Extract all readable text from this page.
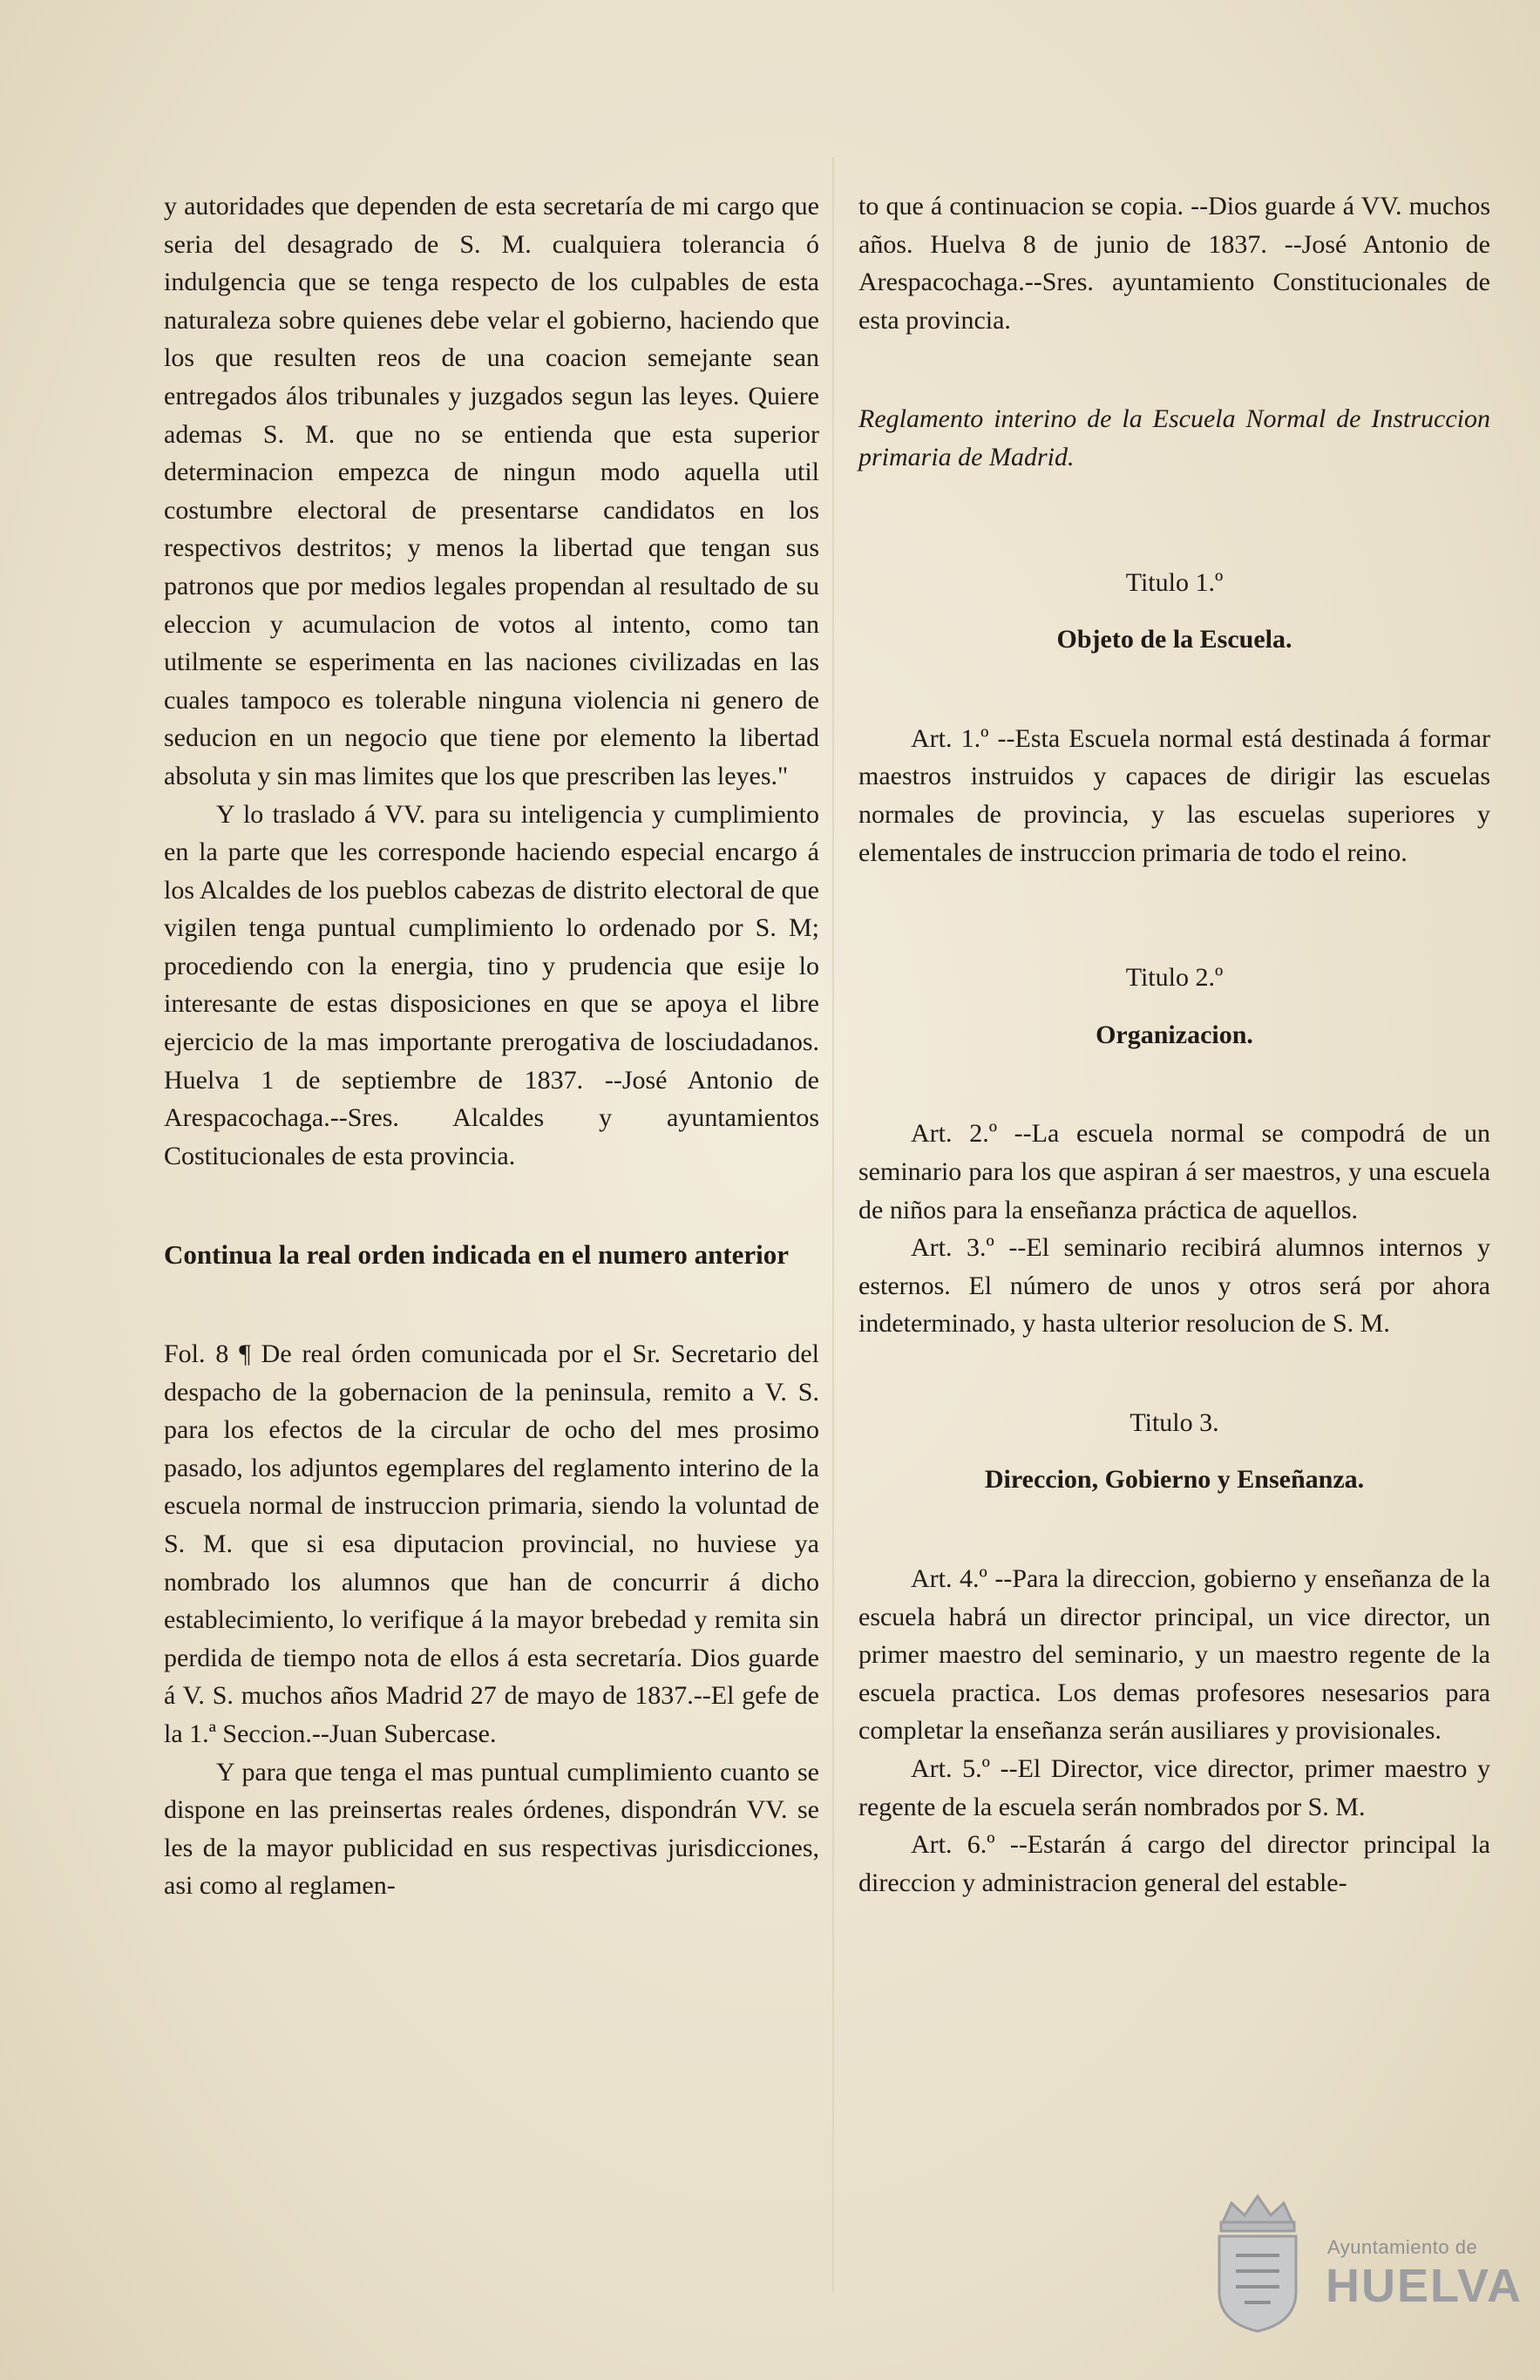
y autoridades que dependen de esta secretaría de mi cargo que seria del desagrado de S. M. cualquiera tolerancia ó indulgencia que se tenga respecto de los culpables de esta naturaleza sobre quienes debe velar el gobierno, haciendo que los que resulten reos de una coacion semejante sean entregados álos tribunales y juzgados segun las leyes. Quiere ademas S. M. que no se entienda que esta superior determinacion empezca de ningun modo aquella util costumbre electoral de presentarse candidatos en los respectivos destritos; y menos la libertad que tengan sus patronos que por medios legales propendan al resultado de su eleccion y acumulacion de votos al intento, como tan utilmente se esperimenta en las naciones civilizadas en las cuales tampoco es tolerable ninguna violencia ni genero de seducion en un negocio que tiene por elemento la libertad absoluta y sin mas limites que los que prescriben las leyes."

Y lo traslado á VV. para su inteligencia y cumplimiento en la parte que les corresponde haciendo especial encargo á los Alcaldes de los pueblos cabezas de distrito electoral de que vigilen tenga puntual cumplimiento lo ordenado por S. M; procediendo con la energia, tino y prudencia que esije lo interesante de estas disposiciones en que se apoya el libre ejercicio de la mas importante prerogativa de losciudadanos. Huelva 1 de septiembre de 1837. --José Antonio de Arespacochaga.--Sres. Alcaldes y ayuntamientos Costitucionales de esta provincia.

Continua la real orden indicada en el numero anterior

Fol. 8 ¶ De real órden comunicada por el Sr. Secretario del despacho de la gobernacion de la peninsula, remito a V. S. para los efectos de la circular de ocho del mes prosimo pasado, los adjuntos egemplares del reglamento interino de la escuela normal de instruccion primaria, siendo la voluntad de S. M. que si esa diputacion provincial, no huviese ya nombrado los alumnos que han de concurrir á dicho establecimiento, lo verifique á la mayor brebedad y remita sin perdida de tiempo nota de ellos á esta secretaría. Dios guarde á V. S. muchos años Madrid 27 de mayo de 1837.--El gefe de la 1.ª Seccion.--Juan Subercase.

Y para que tenga el mas puntual cumplimiento cuanto se dispone en las preinsertas reales órdenes, dispondrán VV. se les de la mayor publicidad en sus respectivas jurisdicciones, asi como al reglamen-

to que á continuacion se copia. --Dios guarde á VV. muchos años. Huelva 8 de junio de 1837. --José Antonio de Arespacochaga.--Sres. ayuntamiento Constitucionales de esta provincia.

Reglamento interino de la Escuela Normal de Instruccion primaria de Madrid.

Titulo 1.º

Objeto de la Escuela.

Art. 1.º --Esta Escuela normal está destinada á formar maestros instruidos y capaces de dirigir las escuelas normales de provincia, y las escuelas superiores y elementales de instruccion primaria de todo el reino.

Titulo 2.º

Organizacion.

Art. 2.º --La escuela normal se compodrá de un seminario para los que aspiran á ser maestros, y una escuela de niños para la enseñanza práctica de aquellos.

Art. 3.º --El seminario recibirá alumnos internos y esternos. El número de unos y otros será por ahora indeterminado, y hasta ulterior resolucion de S. M.

Titulo 3.

Direccion, Gobierno y Enseñanza.

Art. 4.º --Para la direccion, gobierno y enseñanza de la escuela habrá un director principal, un vice director, un primer maestro del seminario, y un maestro regente de la escuela practica. Los demas profesores nesesarios para completar la enseñanza serán ausiliares y provisionales.

Art. 5.º --El Director, vice director, primer maestro y regente de la escuela serán nombrados por S. M.

Art. 6.º --Estarán á cargo del director principal la direccion y administracion general del estable-

Ayuntamiento de
HUELVA
